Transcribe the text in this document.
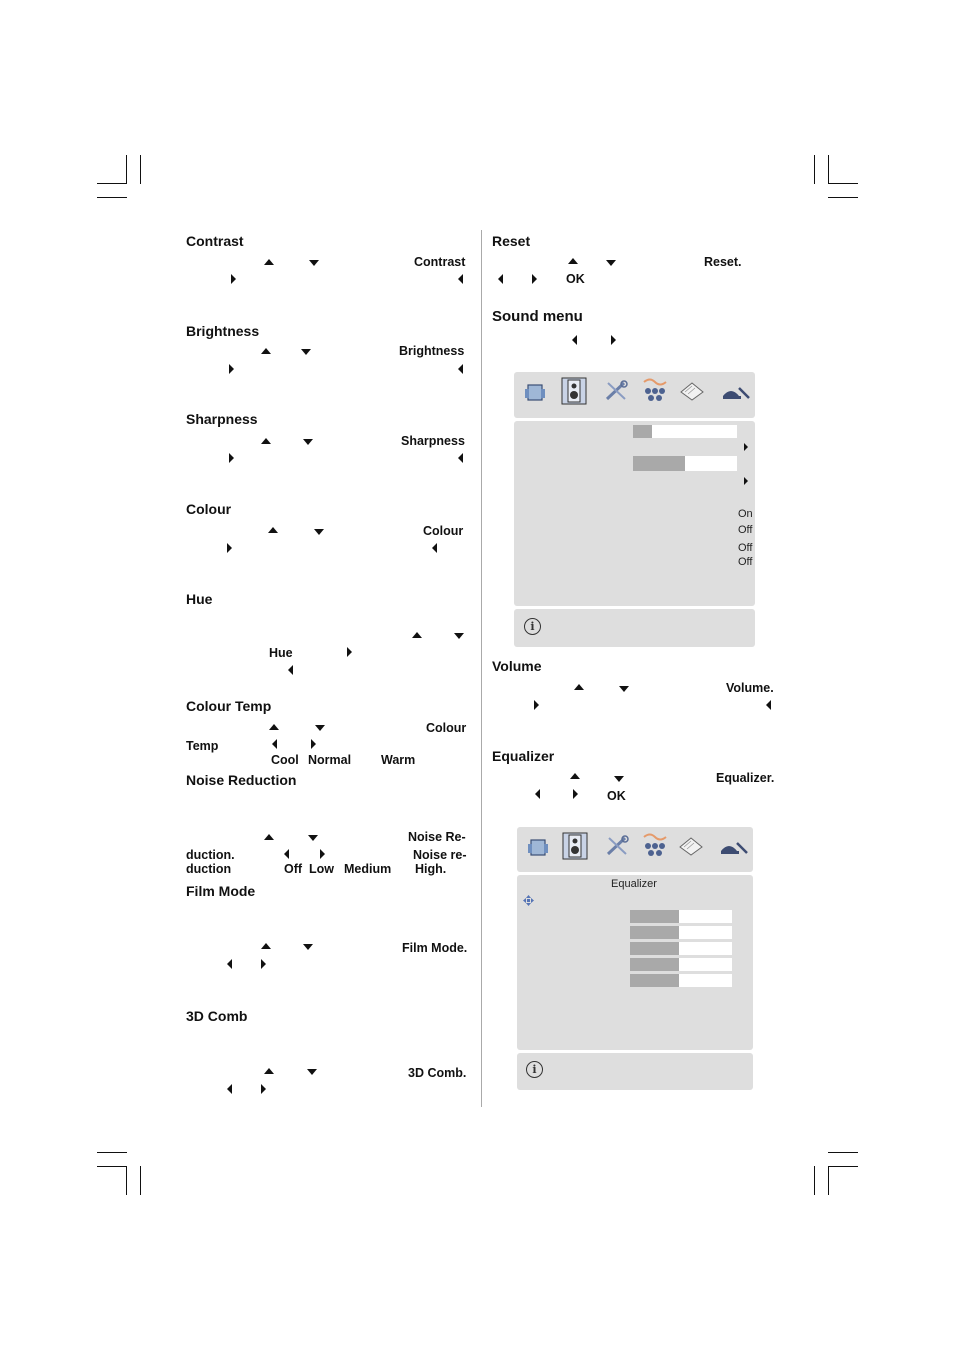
Contrast
Contrast
Brightness
Brightness
Sharpness
Sharpness
Colour
Colour
Hue
Hue
Colour Temp
Colour
Temp
Cool Normal Warm
Noise Reduction
Noise Re-
duction.	Noise re-
duction	Off Low Medium High.
Film Mode
Film Mode.
3D Comb
3D Comb.
Reset
Reset.
OK
Sound menu
On
Off
Off
Off
i
Volume
Volume.
Equalizer
Equalizer.
OK
Equalizer
i
